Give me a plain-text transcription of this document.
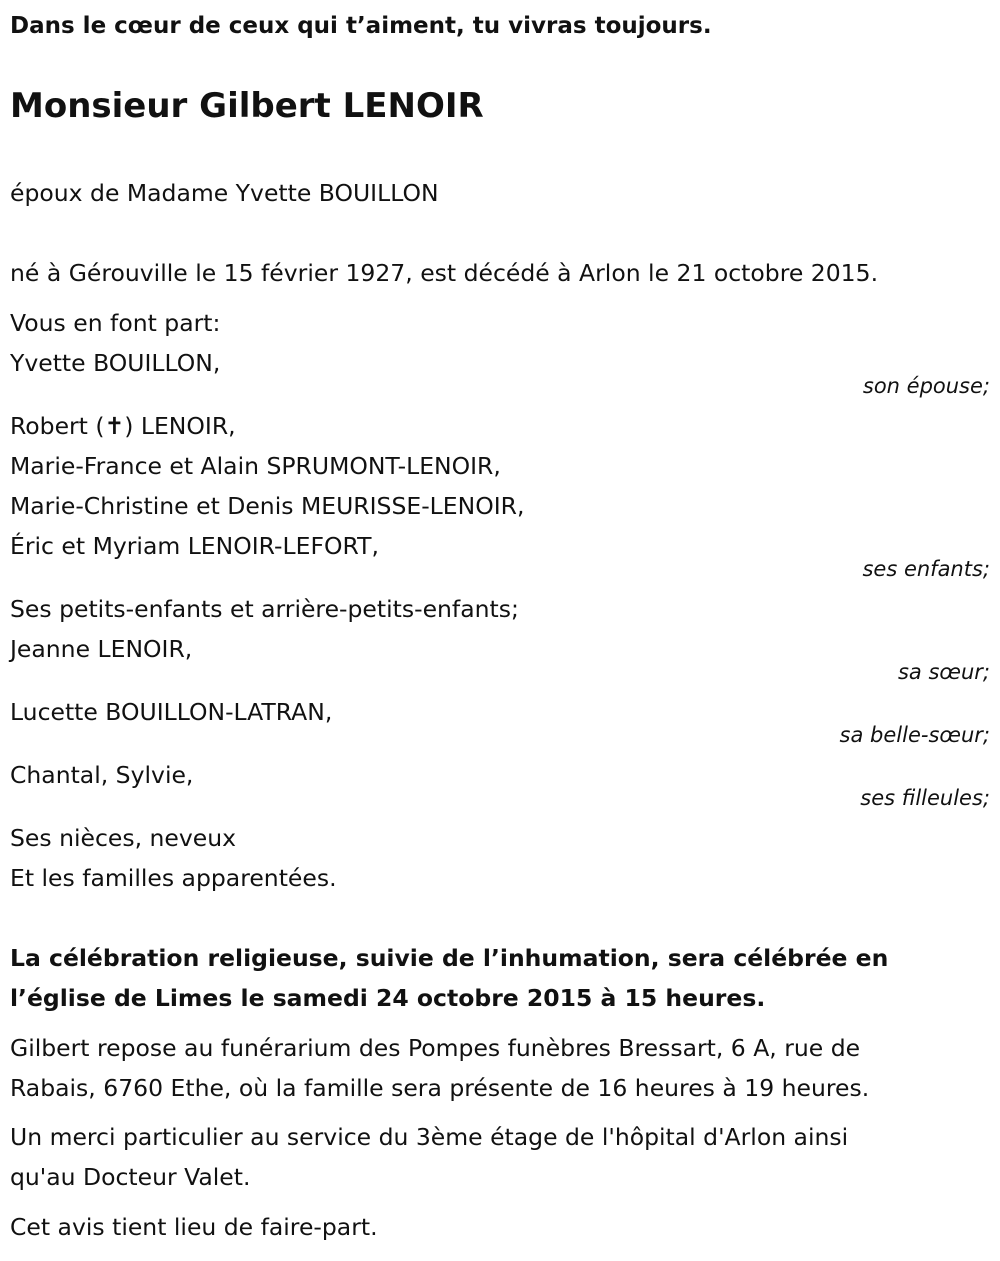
Dans le cœur de ceux qui t’aiment, tu vivras toujours.
Monsieur Gilbert LENOIR
époux de Madame Yvette BOUILLON
né à Gérouville le 15 février 1927, est décédé à Arlon le 21 octobre 2015.
Vous en font part:
Yvette BOUILLON,
son épouse;
Robert (✝) LENOIR,
Marie-France et Alain SPRUMONT-LENOIR,
Marie-Christine et Denis MEURISSE-LENOIR,
Éric et Myriam LENOIR-LEFORT,
ses enfants;
Ses petits-enfants et arrière-petits-enfants;
Jeanne LENOIR,
sa sœur;
Lucette BOUILLON-LATRAN,
sa belle-sœur;
Chantal, Sylvie,
ses filleules;
Ses nièces, neveux
Et les familles apparentées.
La célébration religieuse, suivie de l’inhumation, sera célébrée en
l’église de Limes le samedi 24 octobre 2015 à 15 heures.
Gilbert repose au funérarium des Pompes funèbres Bressart, 6 A, rue de
Rabais, 6760 Ethe, où la famille sera présente de 16 heures à 19 heures.
Un merci particulier au service du 3ème étage de l'hôpital d'Arlon ainsi
qu'au Docteur Valet.
Cet avis tient lieu de faire-part.
